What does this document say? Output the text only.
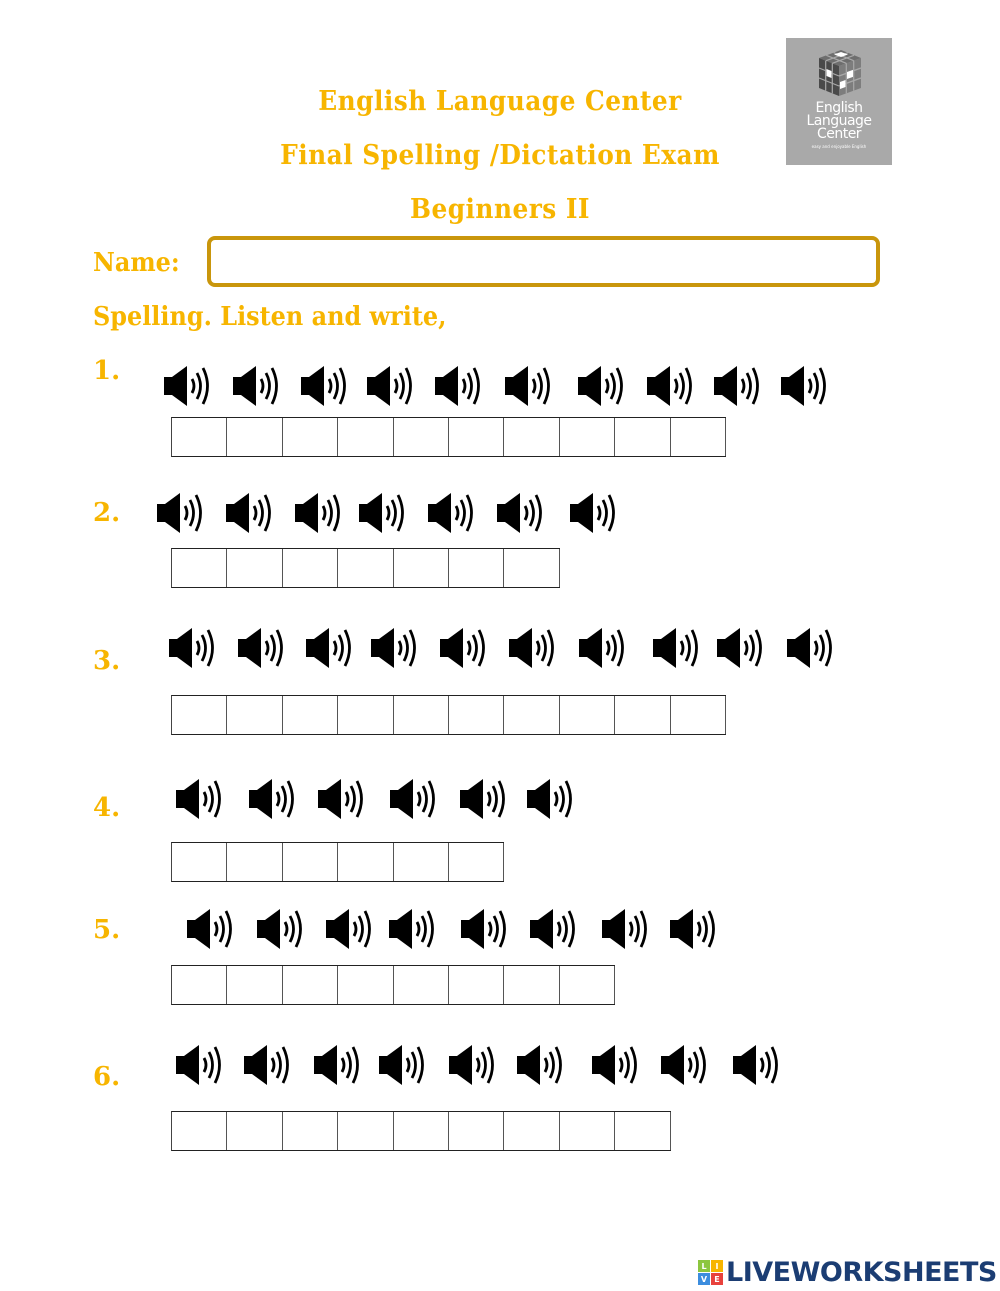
English Language Center
Final Spelling /Dictation Exam
Beginners II
English
Language
Center
easy and enjoyable English
Name:
Spelling. Listen and write,
1.
2.
3.
4.
5.
6.
L	I
V E LIVEWORKSHEETS
